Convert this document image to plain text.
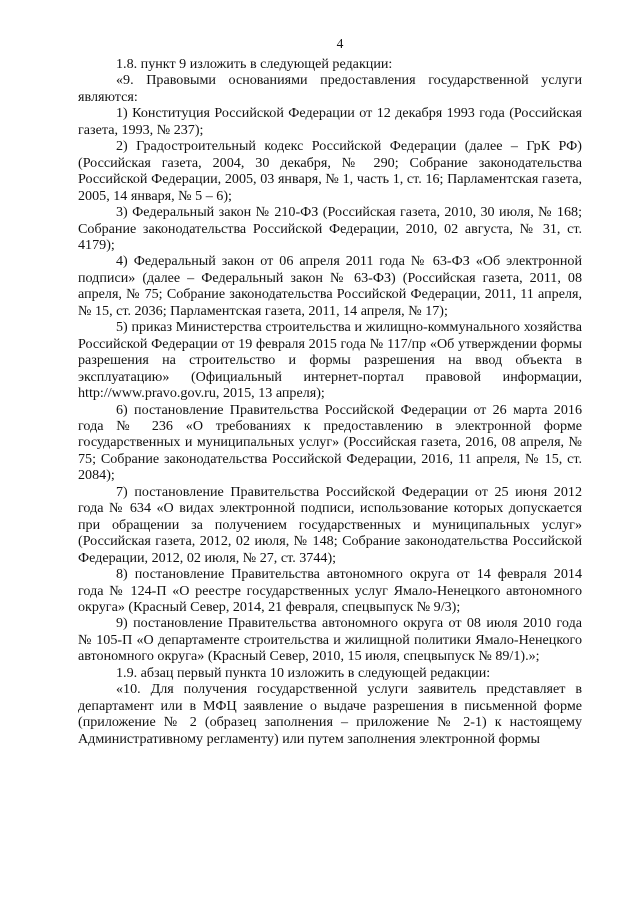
4

1.8. пункт 9 изложить в следующей редакции:

«9. Правовыми основаниями предоставления государственной услуги являются:

1) Конституция Российской Федерации от 12 декабря 1993 года (Российская газета, 1993, № 237);

2) Градостроительный кодекс Российской Федерации (далее – ГрК РФ) (Российская газета, 2004, 30 декабря, № 290; Собрание законодательства Российской Федерации, 2005, 03 января, № 1, часть 1, ст. 16; Парламентская газета, 2005, 14 января, № 5 – 6);

3) Федеральный закон № 210-ФЗ (Российская газета, 2010, 30 июля, № 168; Собрание законодательства Российской Федерации, 2010, 02 августа, № 31, ст. 4179);

4) Федеральный закон от 06 апреля 2011 года № 63-ФЗ «Об электронной подписи» (далее – Федеральный закон № 63-ФЗ) (Российская газета, 2011, 08 апреля, № 75; Собрание законодательства Российской Федерации, 2011, 11 апреля, № 15, ст. 2036; Парламентская газета, 2011, 14 апреля, № 17);

5) приказ Министерства строительства и жилищно-коммунального хозяйства Российской Федерации от 19 февраля 2015 года № 117/пр «Об утверждении формы разрешения на строительство и формы разрешения на ввод объекта в эксплуатацию» (Официальный интернет-портал правовой информации, http://www.pravo.gov.ru, 2015, 13 апреля);

6) постановление Правительства Российской Федерации от 26 марта 2016 года № 236 «О требованиях к предоставлению в электронной форме государственных и муниципальных услуг» (Российская газета, 2016, 08 апреля, № 75; Собрание законодательства Российской Федерации, 2016, 11 апреля, № 15, ст. 2084);

7) постановление Правительства Российской Федерации от 25 июня 2012 года № 634 «О видах электронной подписи, использование которых допускается при обращении за получением государственных и муниципальных услуг» (Российская газета, 2012, 02 июля, № 148; Собрание законодательства Российской Федерации, 2012, 02 июля, № 27, ст. 3744);

8) постановление Правительства автономного округа от 14 февраля 2014 года № 124-П «О реестре государственных услуг Ямало-Ненецкого автономного округа» (Красный Север, 2014, 21 февраля, спецвыпуск № 9/3);

9) постановление Правительства автономного округа от 08 июля 2010 года № 105-П «О департаменте строительства и жилищной политики Ямало-Ненецкого автономного округа» (Красный Север, 2010, 15 июля, спецвыпуск № 89/1).»;

1.9. абзац первый пункта 10 изложить в следующей редакции:

«10. Для получения государственной услуги заявитель представляет в департамент или в МФЦ заявление о выдаче разрешения в письменной форме (приложение № 2 (образец заполнения – приложение № 2-1) к настоящему Административному регламенту) или путем заполнения электронной формы
